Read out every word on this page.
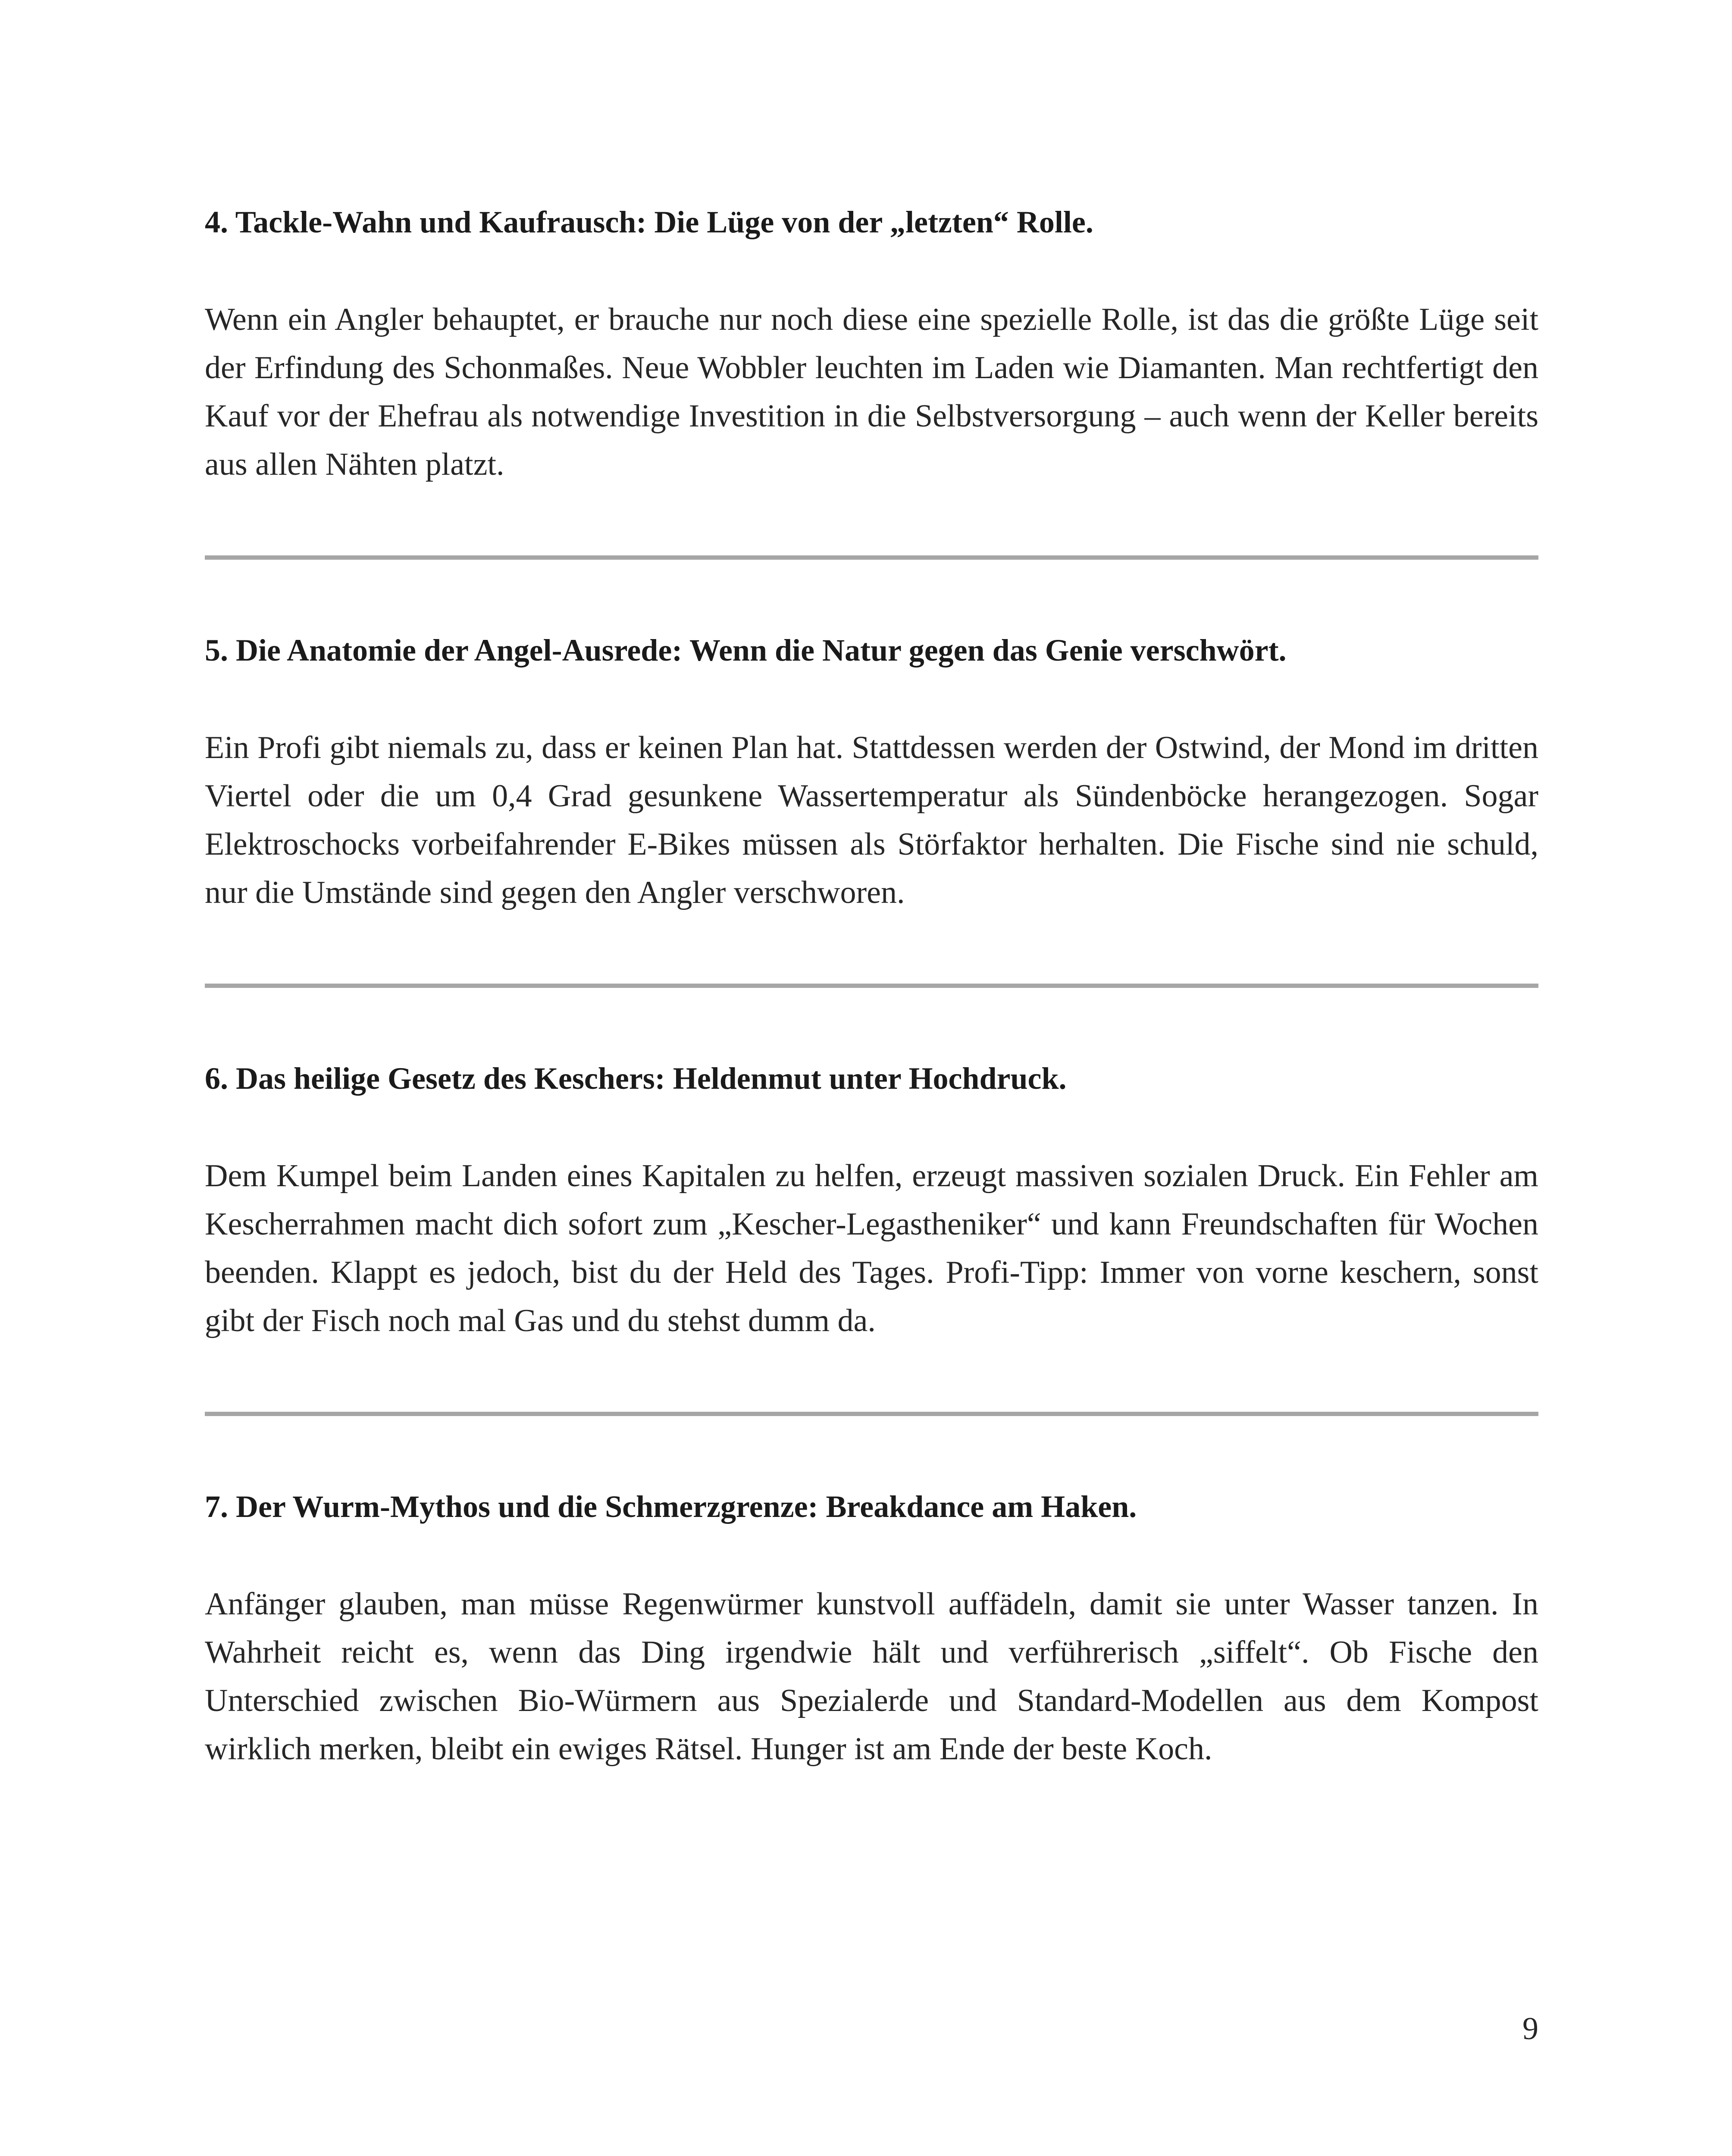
4. Tackle-Wahn und Kaufrausch: Die Lüge von der „letzten“ Rolle.

Wenn ein Angler behauptet, er brauche nur noch diese eine spezielle Rolle, ist das die größte Lüge seit der Erfindung des Schonmaßes. Neue Wobbler leuchten im Laden wie Diamanten. Man rechtfertigt den Kauf vor der Ehefrau als notwendige Investition in die Selbstversorgung – auch wenn der Keller bereits aus allen Nähten platzt.

5. Die Anatomie der Angel-Ausrede: Wenn die Natur gegen das Genie verschwört.

Ein Profi gibt niemals zu, dass er keinen Plan hat. Stattdessen werden der Ostwind, der Mond im dritten Viertel oder die um 0,4 Grad gesunkene Wassertemperatur als Sündenböcke herangezogen. Sogar Elektroschocks vorbeifahrender E-Bikes müssen als Störfaktor herhalten. Die Fische sind nie schuld, nur die Umstände sind gegen den Angler verschworen.

6. Das heilige Gesetz des Keschers: Heldenmut unter Hochdruck.

Dem Kumpel beim Landen eines Kapitalen zu helfen, erzeugt massiven sozialen Druck. Ein Fehler am Kescherrahmen macht dich sofort zum „Kescher-Legastheniker“ und kann Freundschaften für Wochen beenden. Klappt es jedoch, bist du der Held des Tages. Profi-Tipp: Immer von vorne keschern, sonst gibt der Fisch noch mal Gas und du stehst dumm da.

7. Der Wurm-Mythos und die Schmerzgrenze: Breakdance am Haken.

Anfänger glauben, man müsse Regenwürmer kunstvoll auffädeln, damit sie unter Wasser tanzen. In Wahrheit reicht es, wenn das Ding irgendwie hält und verführerisch „siffelt“. Ob Fische den Unterschied zwischen Bio-Würmern aus Spezialerde und Standard-Modellen aus dem Kompost wirklich merken, bleibt ein ewiges Rätsel. Hunger ist am Ende der beste Koch.

9
